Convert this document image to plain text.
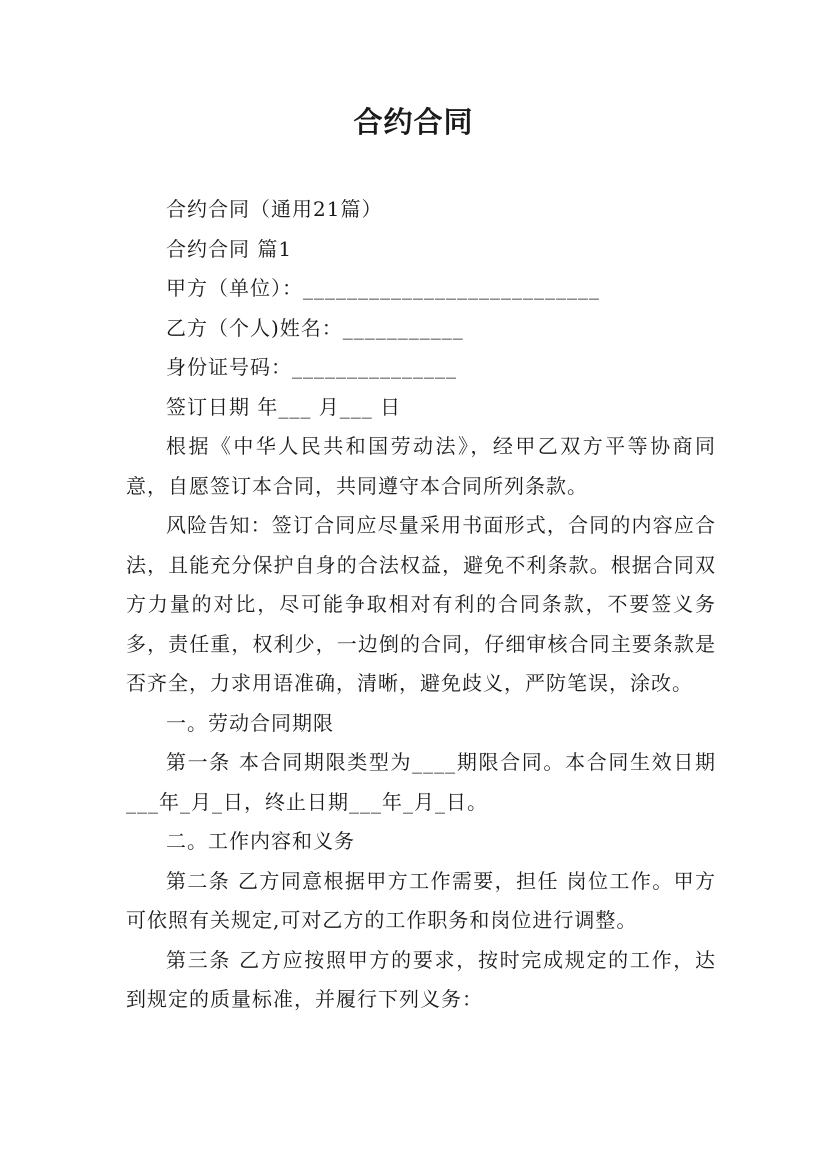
合约合同

合约合同（通用21篇）

合约合同 篇1

甲方（单位）：___________________________

乙方（个人)姓名：___________

身份证号码：_______________

签订日期 年___ 月___ 日

根据《中华人民共和国劳动法》，经甲乙双方平等协商同意，自愿签订本合同，共同遵守本合同所列条款。

风险告知：签订合同应尽量采用书面形式，合同的内容应合法，且能充分保护自身的合法权益，避免不利条款。根据合同双方力量的对比，尽可能争取相对有利的合同条款，不要签义务多，责任重，权利少，一边倒的合同，仔细审核合同主要条款是否齐全，力求用语准确，清晰，避免歧义，严防笔误，涂改。

一。劳动合同期限

第一条 本合同期限类型为____期限合同。本合同生效日期___年_月_日，终止日期___年_月_日。

二。工作内容和义务

第二条 乙方同意根据甲方工作需要，担任 岗位工作。甲方可依照有关规定,可对乙方的工作职务和岗位进行调整。

第三条 乙方应按照甲方的要求，按时完成规定的工作，达到规定的质量标准，并履行下列义务：
